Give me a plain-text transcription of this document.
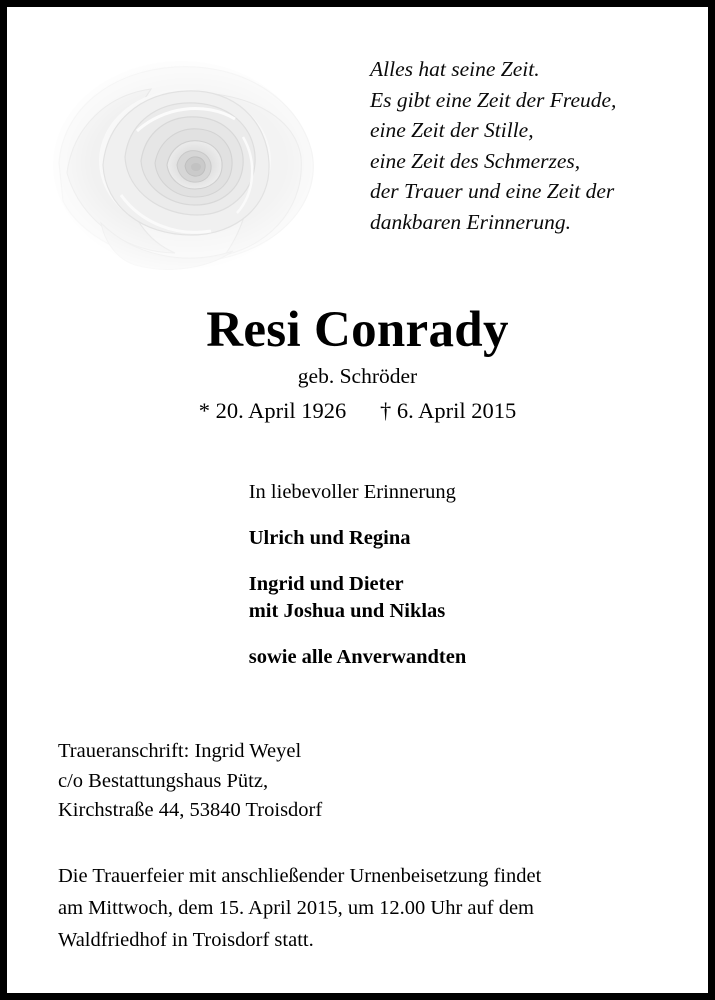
Alles hat seine Zeit.
Es gibt eine Zeit der Freude,
eine Zeit der Stille,
eine Zeit des Schmerzes,
der Trauer und eine Zeit der
dankbaren Erinnerung.
Resi Conrady
geb. Schröder
* 20. April 1926      † 6. April 2015
In liebevoller Erinnerung
Ulrich und Regina
Ingrid und Dieter
mit Joshua und Niklas
sowie alle Anverwandten
Traueranschrift: Ingrid Weyel
c/o Bestattungshaus Pütz,
Kirchstraße 44, 53840 Troisdorf
Die Trauerfeier mit anschließender Urnenbeisetzung findet
am Mittwoch, dem 15. April 2015, um 12.00 Uhr auf dem
Waldfriedhof in Troisdorf statt.
